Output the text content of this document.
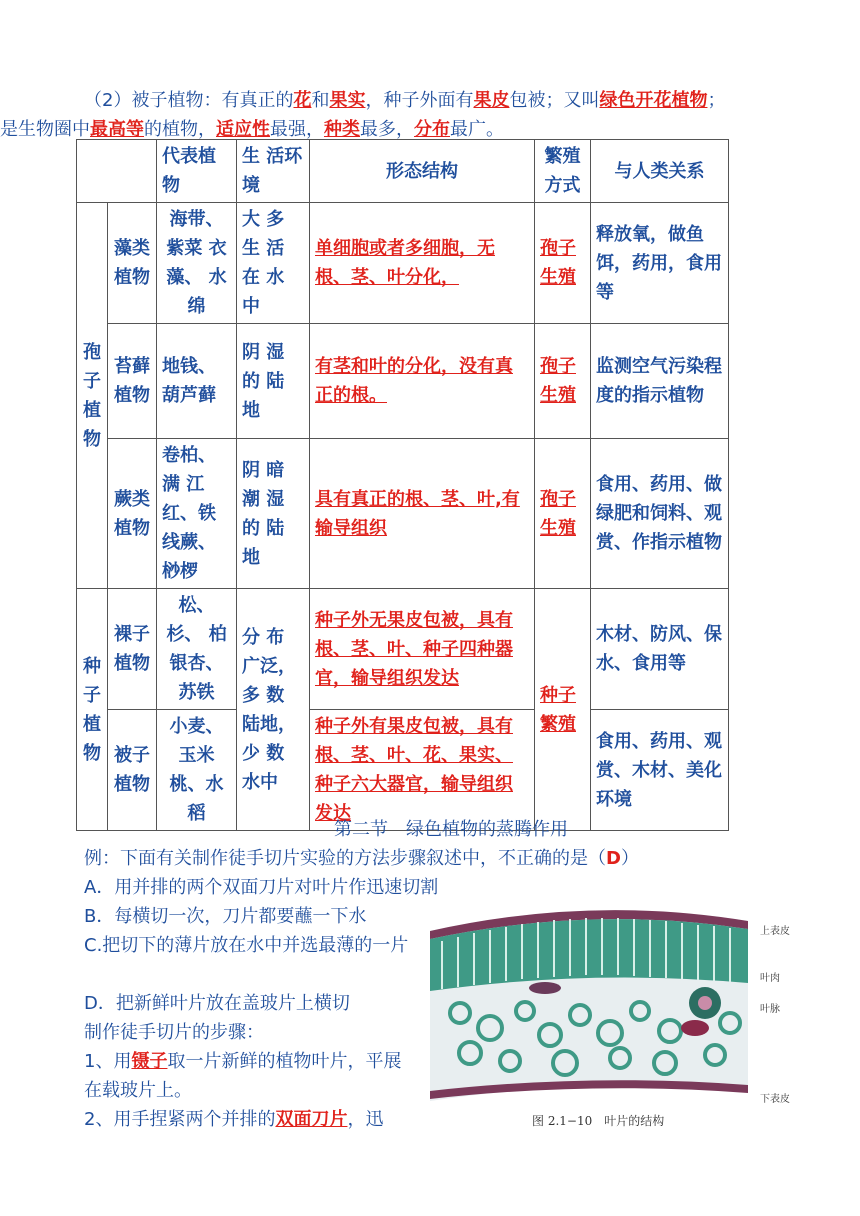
（2）被子植物：有真正的花和果实，种子外面有果皮包被；又叫绿色开花植物；
是生物圈中最高等的植物，适应性最强，种类最多，分布最广。
		代表植物	生 活环境	形态结构	繁殖方式	与人类关系
孢子植物	藻类植物	海带、 紫菜 衣藻、 水绵	大 多 生 活 在 水 中	单细胞或者多细胞，无根、茎、叶分化，	孢子生殖	释放氧，做鱼饵，药用，食用等
	苔藓植物	地钱、葫芦藓	阴 湿 的 陆 地	有茎和叶的分化，没有真正的根。	孢子生殖	监测空气污染程度的指示植物
	蕨类植物	卷柏、满 江 红、铁线蕨、桫椤	阴 暗 潮 湿 的 陆 地	具有真正的根、茎、叶,有输导组织	孢子生殖	食用、药用、做绿肥和饲料、观赏、作指示植物
种子植物	裸子植物	松、杉、 柏 银杏、 苏铁	分 布 广泛， 多 数 陆地， 少 数 水中	种子外无果皮包被，具有根、茎、叶、种子四种器官，输导组织发达	种子繁殖	木材、防风、保水、食用等
	被子植物	小麦、 玉米 桃、水 稻		种子外有果皮包被，具有根、茎、叶、花、果实、种子六大器官，输导组织发达		食用、药用、观赏、木材、美化环境
第二节 绿色植物的蒸腾作用
例：下面有关制作徒手切片实验的方法步骤叙述中，不正确的是（D）
A．用并排的两个双面刀片对叶片作迅速切割
B．每横切一次，刀片都要蘸一下水
C.把切下的薄片放在水中并选最薄的一片
D．把新鲜叶片放在盖玻片上横切
制作徒手切片的步骤：
1、用镊子取一片新鲜的植物叶片，平展在载玻片上。
2、用手捏紧两个并排的双面刀片，迅
上表皮
叶肉
叶脉
下表皮
图 2.1−10　叶片的结构
